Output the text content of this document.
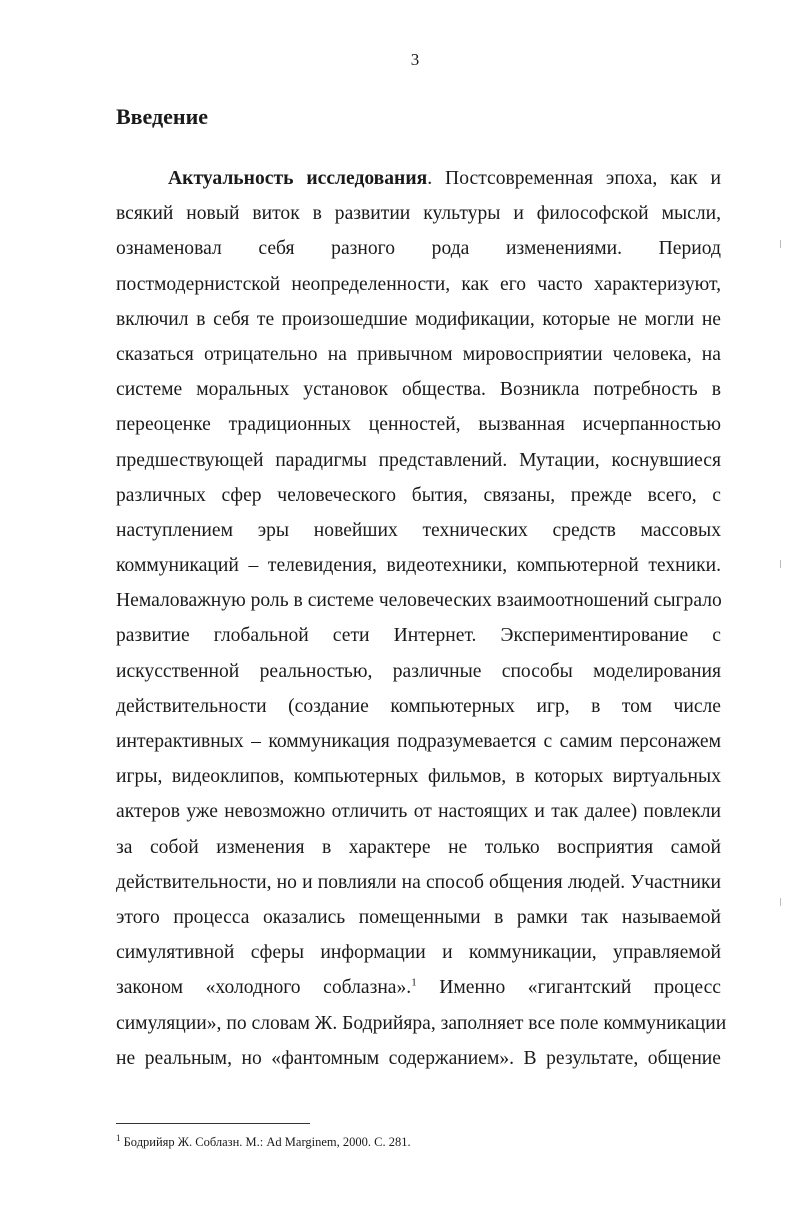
3
Введение
Актуальность исследования. Постсовременная эпоха, как и
всякий новый виток в развитии культуры и философской мысли,
ознаменовал себя разного рода изменениями. Период
постмодернистской неопределенности, как его часто характеризуют,
включил в себя те произошедшие модификации, которые не могли не
сказаться отрицательно на привычном мировосприятии человека, на
системе моральных установок общества. Возникла потребность в
переоценке традиционных ценностей, вызванная исчерпанностью
предшествующей парадигмы представлений. Мутации, коснувшиеся
различных сфер человеческого бытия, связаны, прежде всего, с
наступлением эры новейших технических средств массовых
коммуникаций – телевидения, видеотехники, компьютерной техники.
Немаловажную роль в системе человеческих взаимоотношений сыграло
развитие глобальной сети Интернет. Экспериментирование с
искусственной реальностью, различные способы моделирования
действительности (создание компьютерных игр, в том числе
интерактивных – коммуникация подразумевается с самим персонажем
игры, видеоклипов, компьютерных фильмов, в которых виртуальных
актеров уже невозможно отличить от настоящих и так далее) повлекли
за собой изменения в характере не только восприятия самой
действительности, но и повлияли на способ общения людей. Участники
этого процесса оказались помещенными в рамки так называемой
симулятивной сферы информации и коммуникации, управляемой
законом «холодного соблазна».$^1$ Именно «гигантский процесс
симуляции», по словам Ж. Бодрийяра, заполняет все поле коммуникации
не реальным, но «фантомным содержанием». В результате, общение
$^1$ Бодрийяр Ж. Соблазн. М.: Ad Marginem, 2000. С. 281.
